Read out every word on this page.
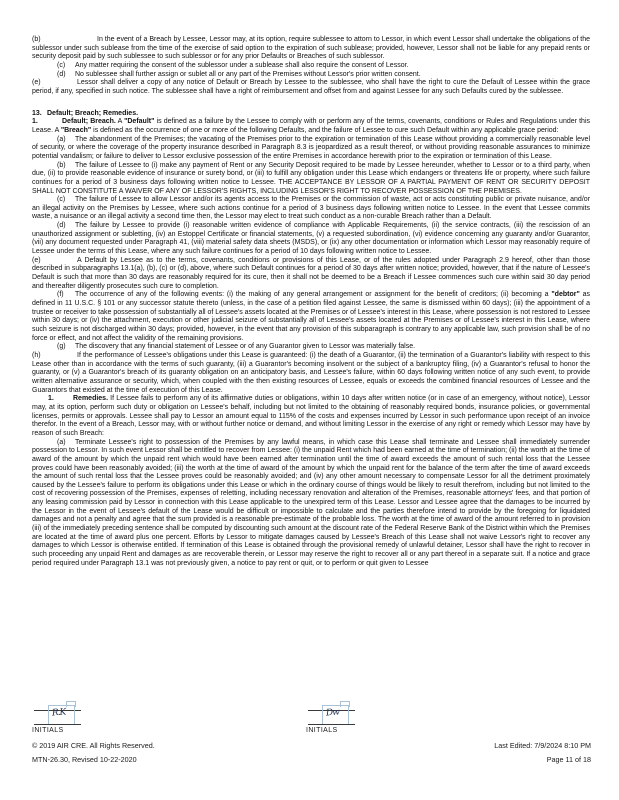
(b)	In the event of a Breach by Lessee, Lessor may, at its option, require sublessee to attorn to Lessor, in which event Lessor shall undertake the obligations of the sublessor under such sublease from the time of the exercise of said option to the expiration of such sublease; provided, however, Lessor shall not be liable for any prepaid rents or security deposit paid by such sublessee to such sublessor or for any prior Defaults or Breaches of such sublessor.

(c) Any matter requiring the consent of the sublessor under a sublease shall also require the consent of Lessor.

(d) No sublessee shall further assign or sublet all or any part of the Premises without Lessor's prior written consent.

(e)	Lessor shall deliver a copy of any notice of Default or Breach by Lessee to the sublessee, who shall have the right to cure the Default of Lessee within the grace period, if any, specified in such notice. The sublessee shall have a right of reimbursement and offset from and against Lessee for any such Defaults cured by the sublessee.

13. Default; Breach; Remedies.

1.	Default; Breach. A "Default" is defined as a failure by the Lessee to comply with or perform any of the terms, covenants, conditions or Rules and Regulations under this Lease. A "Breach" is defined as the occurrence of one or more of the following Defaults, and the failure of Lessee to cure such Default within any applicable grace period:

(a) The abandonment of the Premises; the vacating of the Premises prior to the expiration or termination of this Lease without providing a commercially reasonable level of security, or where the coverage of the property insurance described in Paragraph 8.3 is jeopardized as a result thereof, or without providing reasonable assurances to minimize potential vandalism; or failure to deliver to Lessor exclusive possession of the entire Premises in accordance herewith prior to the expiration or termination of this Lease.

(b) The failure of Lessee to (i) make any payment of Rent or any Security Deposit required to be made by Lessee hereunder, whether to Lessor or to a third party, when due, (ii) to provide reasonable evidence of insurance or surety bond, or (iii) to fulfill any obligation under this Lease which endangers or threatens life or property, where such failure continues for a period of 3 business days following written notice to Lessee. THE ACCEPTANCE BY LESSOR OF A PARTIAL PAYMENT OF RENT OR SECURITY DEPOSIT SHALL NOT CONSTITUTE A WAIVER OF ANY OF LESSOR'S RIGHTS, INCLUDING LESSOR'S RIGHT TO RECOVER POSSESSION OF THE PREMISES.

(c) The failure of Lessee to allow Lessor and/or its agents access to the Premises or the commission of waste, act or acts constituting public or private nuisance, and/or an illegal activity on the Premises by Lessee, where such actions continue for a period of 3 business days following written notice to Lessee. In the event that Lessee commits waste, a nuisance or an illegal activity a second time then, the Lessor may elect to treat such conduct as a non-curable Breach rather than a Default.

(d) The failure by Lessee to provide (i) reasonable written evidence of compliance with Applicable Requirements, (ii) the service contracts, (iii) the rescission of an unauthorized assignment or subletting, (iv) an Estoppel Certificate or financial statements, (v) a requested subordination, (vi) evidence concerning any guaranty and/or Guarantor, (vii) any document requested under Paragraph 41, (viii) material safety data sheets (MSDS), or (ix) any other documentation or information which Lessor may reasonably require of Lessee under the terms of this Lease, where any such failure continues for a period of 10 days following written notice to Lessee.

(e)	A Default by Lessee as to the terms, covenants, conditions or provisions of this Lease, or of the rules adopted under Paragraph 2.9 hereof, other than those described in subparagraphs 13.1(a), (b), (c) or (d), above, where such Default continues for a period of 30 days after written notice; provided, however, that if the nature of Lessee's Default is such that more than 30 days are reasonably required for its cure, then it shall not be deemed to be a Breach if Lessee commences such cure within said 30 day period and thereafter diligently prosecutes such cure to completion.

(f) The occurrence of any of the following events: (i) the making of any general arrangement or assignment for the benefit of creditors; (ii) becoming a "debtor" as defined in 11 U.S.C. § 101 or any successor statute thereto (unless, in the case of a petition filed against Lessee, the same is dismissed within 60 days); (iii) the appointment of a trustee or receiver to take possession of substantially all of Lessee's assets located at the Premises or of Lessee's interest in this Lease, where possession is not restored to Lessee within 30 days; or (iv) the attachment, execution or other judicial seizure of substantially all of Lessee's assets located at the Premises or of Lessee's interest in this Lease, where such seizure is not discharged within 30 days; provided, however, in the event that any provision of this subparagraph is contrary to any applicable law, such provision shall be of no force or effect, and not affect the validity of the remaining provisions.

(g) The discovery that any financial statement of Lessee or of any Guarantor given to Lessor was materially false.

(h)	If the performance of Lessee's obligations under this Lease is guaranteed: (i) the death of a Guarantor, (ii) the termination of a Guarantor's liability with respect to this Lease other than in accordance with the terms of such guaranty, (iii) a Guarantor's becoming insolvent or the subject of a bankruptcy filing, (iv) a Guarantor's refusal to honor the guaranty, or (v) a Guarantor's breach of its guaranty obligation on an anticipatory basis, and Lessee's failure, within 60 days following written notice of any such event, to provide written alternative assurance or security, which, when coupled with the then existing resources of Lessee, equals or exceeds the combined financial resources of Lessee and the Guarantors that existed at the time of execution of this Lease.

1.	Remedies. If Lessee fails to perform any of its affirmative duties or obligations, within 10 days after written notice (or in case of an emergency, without notice), Lessor may, at its option, perform such duty or obligation on Lessee's behalf, including but not limited to the obtaining of reasonably required bonds, insurance policies, or governmental licenses, permits or approvals. Lessee shall pay to Lessor an amount equal to 115% of the costs and expenses incurred by Lessor in such performance upon receipt of an invoice therefor. In the event of a Breach, Lessor may, with or without further notice or demand, and without limiting Lessor in the exercise of any right or remedy which Lessor may have by reason of such Breach:

(a) Terminate Lessee's right to possession of the Premises by any lawful means, in which case this Lease shall terminate and Lessee shall immediately surrender possession to Lessor. In such event Lessor shall be entitled to recover from Lessee: (i) the unpaid Rent which had been earned at the time of termination; (ii) the worth at the time of award of the amount by which the unpaid rent which would have been earned after termination until the time of award exceeds the amount of such rental loss that the Lessee proves could have been reasonably avoided; (iii) the worth at the time of award of the amount by which the unpaid rent for the balance of the term after the time of award exceeds the amount of such rental loss that the Lessee proves could be reasonably avoided; and (iv) any other amount necessary to compensate Lessor for all the detriment proximately caused by the Lessee's failure to perform its obligations under this Lease or which in the ordinary course of things would be likely to result therefrom, including but not limited to the cost of recovering possession of the Premises, expenses of reletting, including necessary renovation and alteration of the Premises, reasonable attorneys' fees, and that portion of any leasing commission paid by Lessor in connection with this Lease applicable to the unexpired term of this Lease. Lessor and Lessee agree that the damages to be incurred by the Lessor in the event of Lessee's default of the Lease would be difficult or impossible to calculate and the parties therefore intend to provide by the foregoing for liquidated damages and not a penalty and agree that the sum provided is a reasonable pre-estimate of the probable loss. The worth at the time of award of the amount referred to in provision (iii) of the immediately preceding sentence shall be computed by discounting such amount at the discount rate of the Federal Reserve Bank of the District within which the Premises are located at the time of award plus one percent. Efforts by Lessor to mitigate damages caused by Lessee's Breach of this Lease shall not waive Lessor's right to recover any damages to which Lessor is otherwise entitled. If termination of this Lease is obtained through the provisional remedy of unlawful detainer, Lessor shall have the right to recover in such proceeding any unpaid Rent and damages as are recoverable therein, or Lessor may reserve the right to recover all or any part thereof in a separate suit. If a notice and grace period required under Paragraph 13.1 was not previously given, a notice to pay rent or quit, or to perform or quit given to Lessee

R.K
INITIALS
Dw
INITIALS
© 2019 AIR CRE. All Rights Reserved.
MTN-26.30, Revised 10-22-2020
Last Edited: 7/9/2024 8:10 PM
Page 11 of 18
